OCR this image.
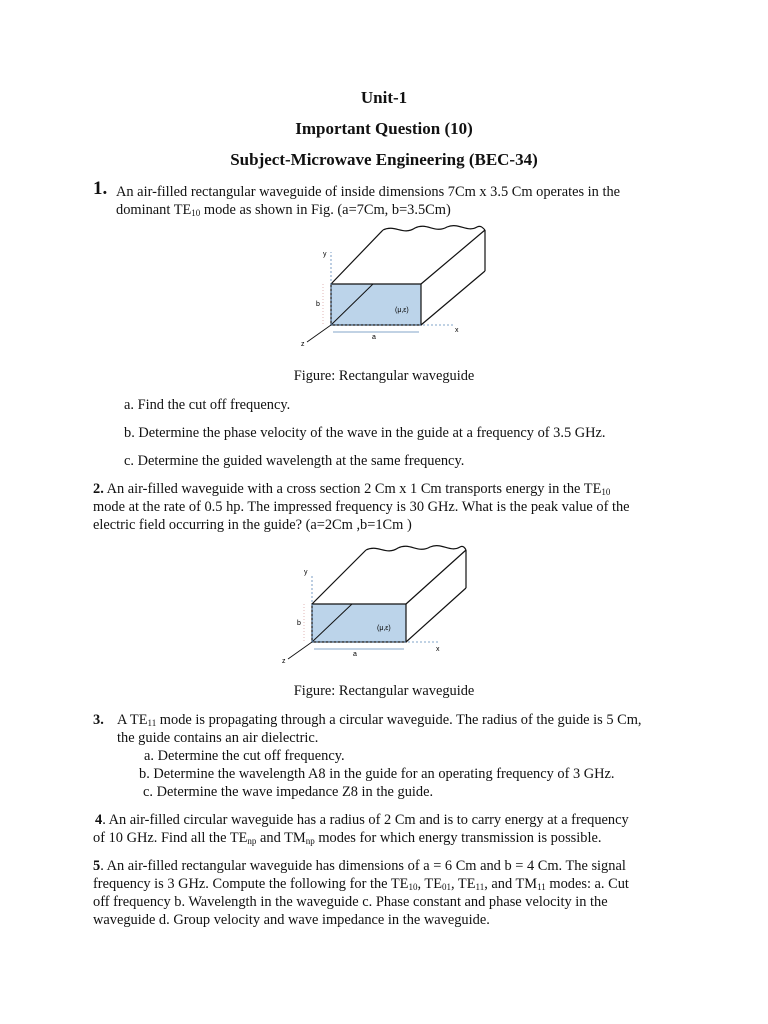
Unit-1
Important Question (10)
Subject-Microwave Engineering (BEC-34)
1. An air-filled rectangular waveguide of inside dimensions 7Cm x 3.5 Cm operates in the
dominant $TE_{10}$ mode as shown in Fig. (a=7Cm, b=3.5Cm)
y
b
z
a
x
(μ,ε)
Figure: Rectangular waveguide
a. Find the cut off frequency.
b. Determine the phase velocity of the wave in the guide at a frequency of 3.5 GHz.
c. Determine the guided wavelength at the same frequency.
2. An air-filled waveguide with a cross section 2 Cm x 1 Cm transports energy in the $TE_{10}$
mode at the rate of 0.5 hp. The impressed frequency is 30 GHz. What is the peak value of the
electric field occurring in the guide? (a=2Cm ,b=1Cm )
y
b
z
a
x
(μ,ε)
Figure: Rectangular waveguide
3. A $TE_{11}$ mode is propagating through a circular waveguide. The radius of the guide is 5 Cm,
the guide contains an air dielectric.
a. Determine the cut off frequency.
b. Determine the wavelength A8 in the guide for an operating frequency of 3 GHz.
c. Determine the wave impedance Z8 in the guide.
4. An air-filled circular waveguide has a radius of 2 Cm and is to carry energy at a frequency
of 10 GHz. Find all the $TE_{np}$ and $TM_{np}$ modes for which energy transmission is possible.
5. An air-filled rectangular waveguide has dimensions of a = 6 Cm and b = 4 Cm. The signal
frequency is 3 GHz. Compute the following for the $TE_{10}$, $TE_{01}$, $TE_{11}$, and $TM_{11}$ modes: a. Cut
off frequency b. Wavelength in the waveguide c. Phase constant and phase velocity in the
waveguide d. Group velocity and wave impedance in the waveguide.
